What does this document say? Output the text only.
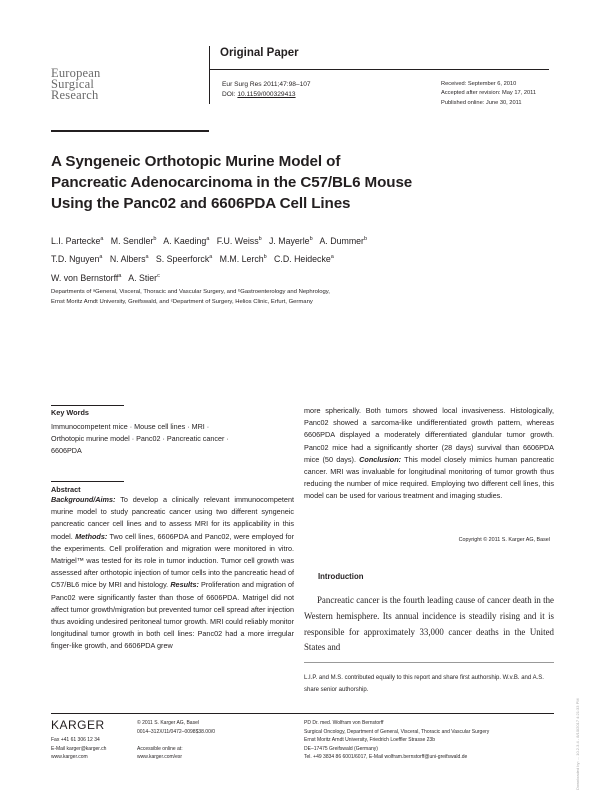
Original Paper
European
Surgical
Research
Eur Surg Res 2011;47:98–107
DOI: 10.1159/000329413
Received: September 6, 2010
Accepted after revision: May 17, 2011
Published online: June 30, 2011
A Syngeneic Orthotopic Murine Model of
Pancreatic Adenocarcinoma in the C57/BL6 Mouse
Using the Panc02 and 6606PDA Cell Lines
L.I. Partecke$^a$ M. Sendler$^b$ A. Kaeding$^a$ F.U. Weiss$^b$ J. Mayerle$^b$ A. Dummer$^b$
T.D. Nguyen$^a$ N. Albers$^a$ S. Speerforck$^a$ M.M. Lerch$^b$ C.D. Heidecke$^a$
W. von Bernstorff$^a$ A. Stier$^c$
Departments of ᵃGeneral, Visceral, Thoracic and Vascular Surgery, and ᵇGastroenterology and Nephrology,
Ernst Moritz Arndt University, Greifswald, and ᶜDepartment of Surgery, Helios Clinic, Erfurt, Germany
Key Words
Immunocompetent mice · Mouse cell lines · MRI ·
Orthotopic murine model · Panc02 · Pancreatic cancer ·
6606PDA
Abstract
Background/Aims: To develop a clinically relevant immunocompetent murine model to study pancreatic cancer using two different syngeneic pancreatic cancer cell lines and to assess MRI for its applicability in this model. Methods: Two cell lines, 6606PDA and Panc02, were employed for the experiments. Cell proliferation and migration were monitored in vitro. Matrigel™ was tested for its role in tumor induction. Tumor cell growth was assessed after orthotopic injection of tumor cells into the pancreatic head of C57/BL6 mice by MRI and histology. Results: Proliferation and migration of Panc02 were significantly faster than those of 6606PDA. Matrigel did not affect tumor growth/migration but prevented tumor cell spread after injection thus avoiding undesired peritoneal tumor growth. MRI could reliably monitor longitudinal tumor growth in both cell lines: Panc02 had a more irregular finger-like growth, and 6606PDA grew
more spherically. Both tumors showed local invasiveness. Histologically, Panc02 showed a sarcoma-like undifferentiated growth pattern, whereas 6606PDA displayed a moderately differentiated glandular tumor growth. Panc02 mice had a significantly shorter (28 days) survival than 6606PDA mice (50 days). Conclusion: This model closely mimics human pancreatic cancer. MRI was invaluable for longitudinal monitoring of tumor growth thus reducing the number of mice required. Employing two different cell lines, this model can be used for various treatment and imaging studies.
Copyright © 2011 S. Karger AG, Basel
Introduction
Pancreatic cancer is the fourth leading cause of cancer death in the Western hemisphere. Its annual incidence is steadily rising and it is responsible for approximately 33,000 cancer deaths in the United States and
L.I.P. and M.S. contributed equally to this report and share first authorship. W.v.B. and A.S. share senior authorship.
KARGER
Fax +41 61 306 12 34
E-Mail karger@karger.ch
www.karger.com
© 2011 S. Karger AG, Basel
0014–312X/11/0472–0098$38.00/0

Accessible online at:
www.karger.com/esr
PD Dr. med. Wolfram von Bernstorff
Surgical Oncology, Department of General, Visceral, Thoracic and Vascular Surgery
Ernst Moritz Arndt University, Friedrich Loeffler Strasse 23b
DE–17475 Greifswald (Germany)
Tel. +49 3834 86 6001/6017, E-Mail wolfram.bernstorff@uni-greifswald.de	Downloaded by: ... 10.2.3.4 - 8/10/2017 4:21:33 PM
